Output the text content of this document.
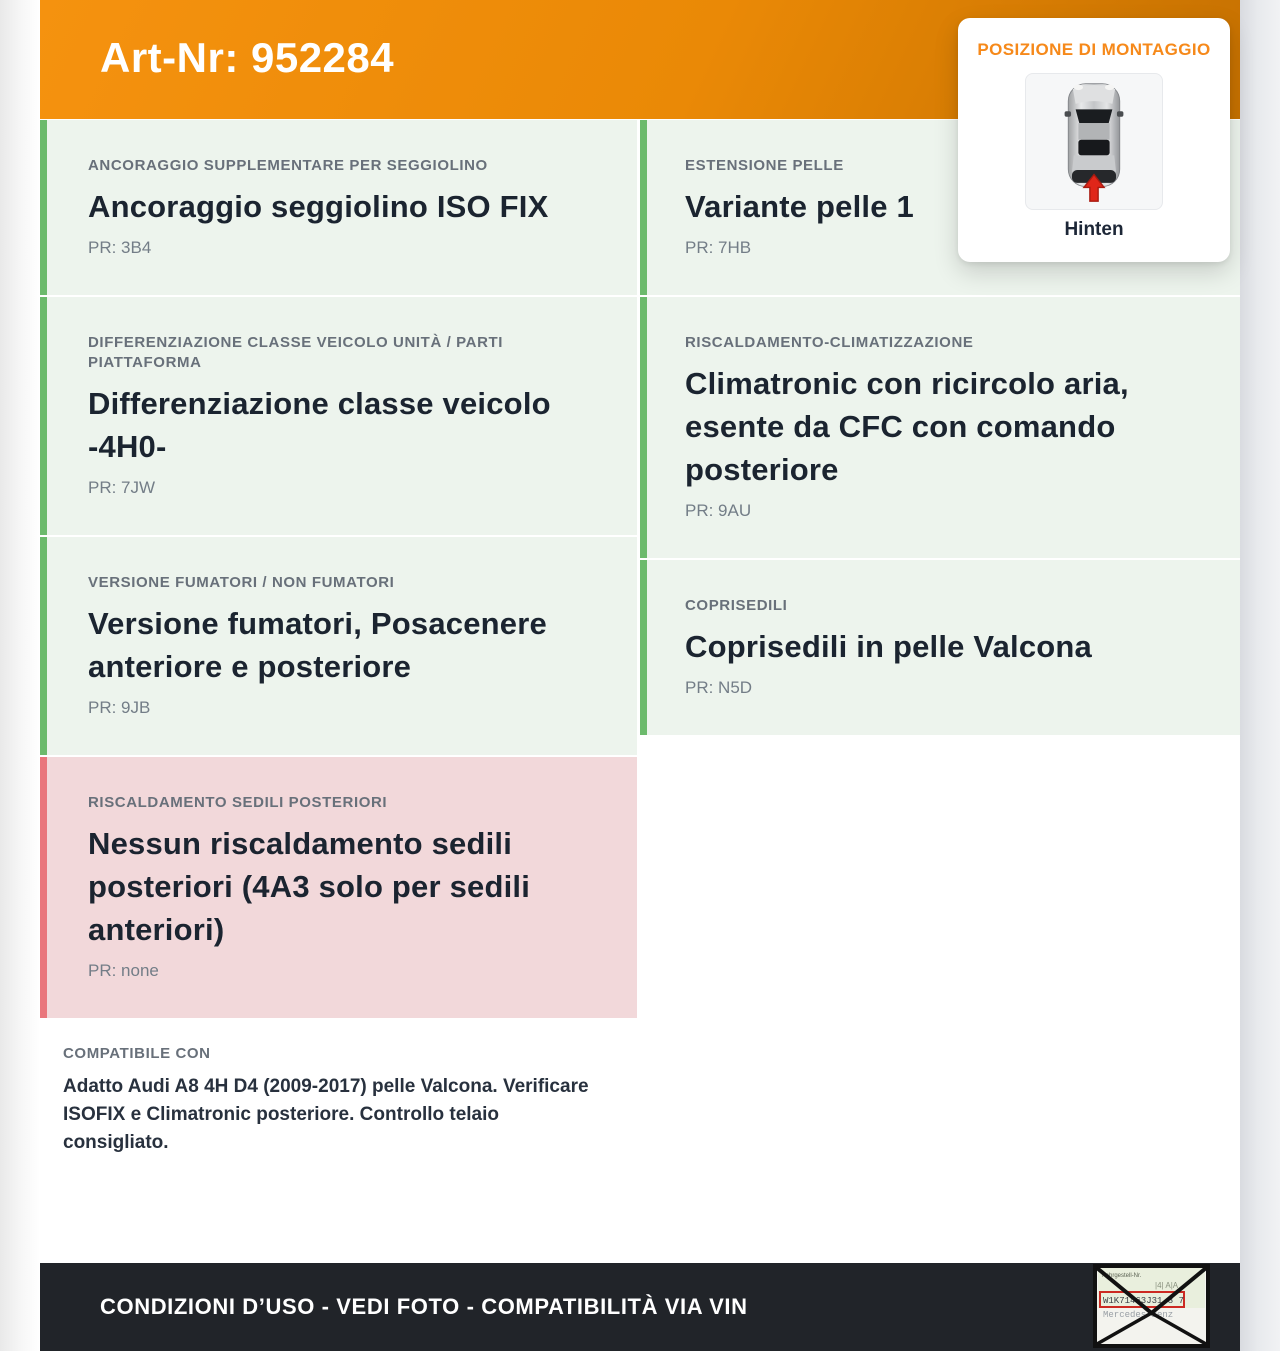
Art-Nr: 952284
ANCORAGGIO SUPPLEMENTARE PER SEGGIOLINO
Ancoraggio seggiolino ISO FIX
PR: 3B4
DIFFERENZIAZIONE CLASSE VEICOLO UNITÀ / PARTI PIATTAFORMA
Differenziazione classe veicolo -4H0-
PR: 7JW
VERSIONE FUMATORI / NON FUMATORI
Versione fumatori, Posacenere anteriore e posteriore
PR: 9JB
RISCALDAMENTO SEDILI POSTERIORI
Nessun riscaldamento sedili posteriori (4A3 solo per sedili anteriori)
PR: none
COMPATIBILE CON
Adatto Audi A8 4H D4 (2009-2017) pelle Valcona. Verificare ISOFIX e Climatronic posteriore. Controllo telaio consigliato.
ESTENSIONE PELLE
Variante pelle 1
PR: 7HB
RISCALDAMENTO-CLIMATIZZAZIONE
Climatronic con ricircolo aria, esente da CFC con comando posteriore
PR: 9AU
COPRISEDILI
Coprisedili in pelle Valcona
PR: N5D
POSIZIONE DI MONTAGGIO
Hinten
CONDIZIONI D’USO - VEDI FOTO - COMPATIBILITÀ VIA VIN
Fahrgestell-Nr.
|4| A|A
W1K71463J31 8 7
Mercedes-Benz
